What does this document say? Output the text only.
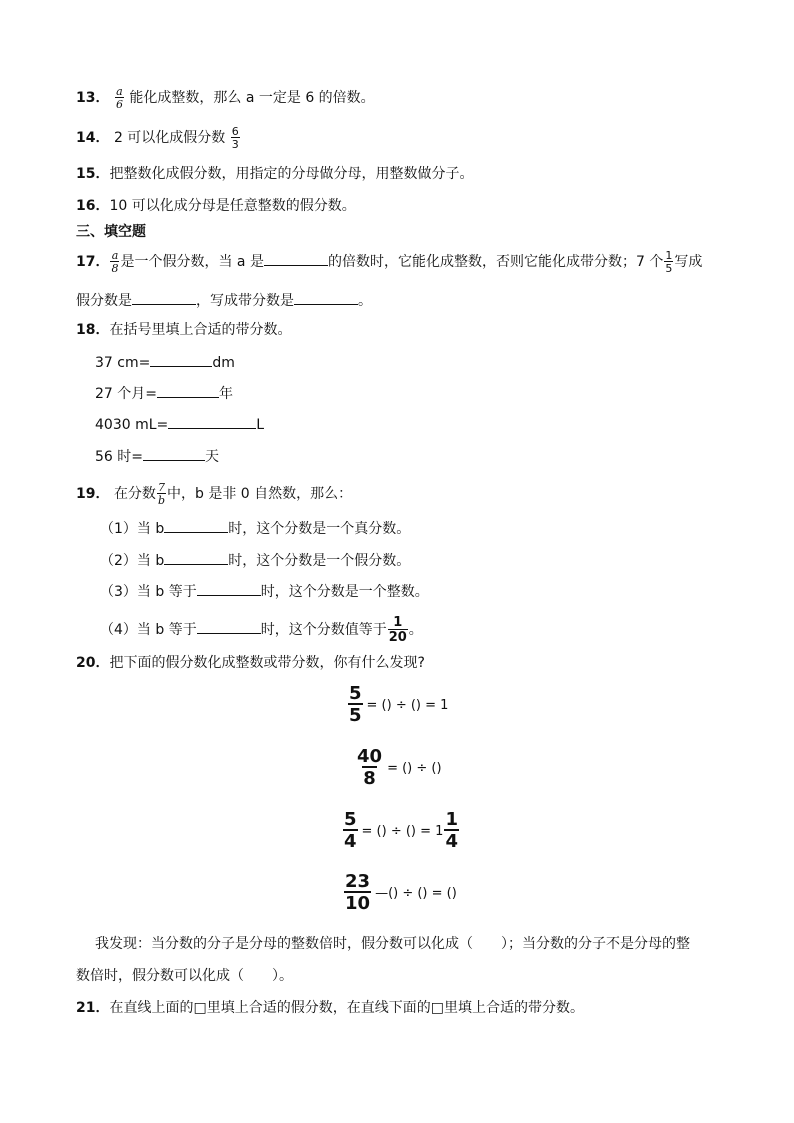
13． $\frac{a}{6}$ 能化成整数，那么 a 一定是 6 的倍数。
14． 2 可以化成假分数 $\frac{6}{3}$
15．把整数化成假分数，用指定的分母做分母，用整数做分子。
16．10 可以化成分母是任意整数的假分数。
三、填空题
17． $\frac{a}{8}$ 是一个假分数，当 a 是	的倍数时，它能化成整数，否则它能化成带分数；7 个 $\frac{1}{5}$ 写成
假分数是	，写成带分数是	。
18．在括号里填上合适的带分数。
37 cm=	dm
27 个月=	年
4030 mL=	L
56 时=	天
19． 在分数 $\frac{7}{b}$ 中，b 是非 0 自然数，那么：
（1）当 b	时，这个分数是一个真分数。
（2）当 b	时，这个分数是一个假分数。
（3）当 b 等于	时，这个分数是一个整数。
（4）当 b 等于	时，这个分数值等于 $\frac{1}{20}$ 。
20．把下面的假分数化成整数或带分数，你有什么发现?
$\frac{5}{5}$ = () ÷ () = 1
$\frac{40}{8}$ = () ÷ ()
$\frac{5}{4}$ = () ÷ () = $1 \frac{1}{4}$
$\frac{23}{10}$ —() ÷ () = ()
我发现：当分数的分子是分母的整数倍时，假分数可以化成（　　）；当分数的分子不是分母的整
数倍时，假分数可以化成（　　）。
21．在直线上面的□里填上合适的假分数，在直线下面的□里填上合适的带分数。
